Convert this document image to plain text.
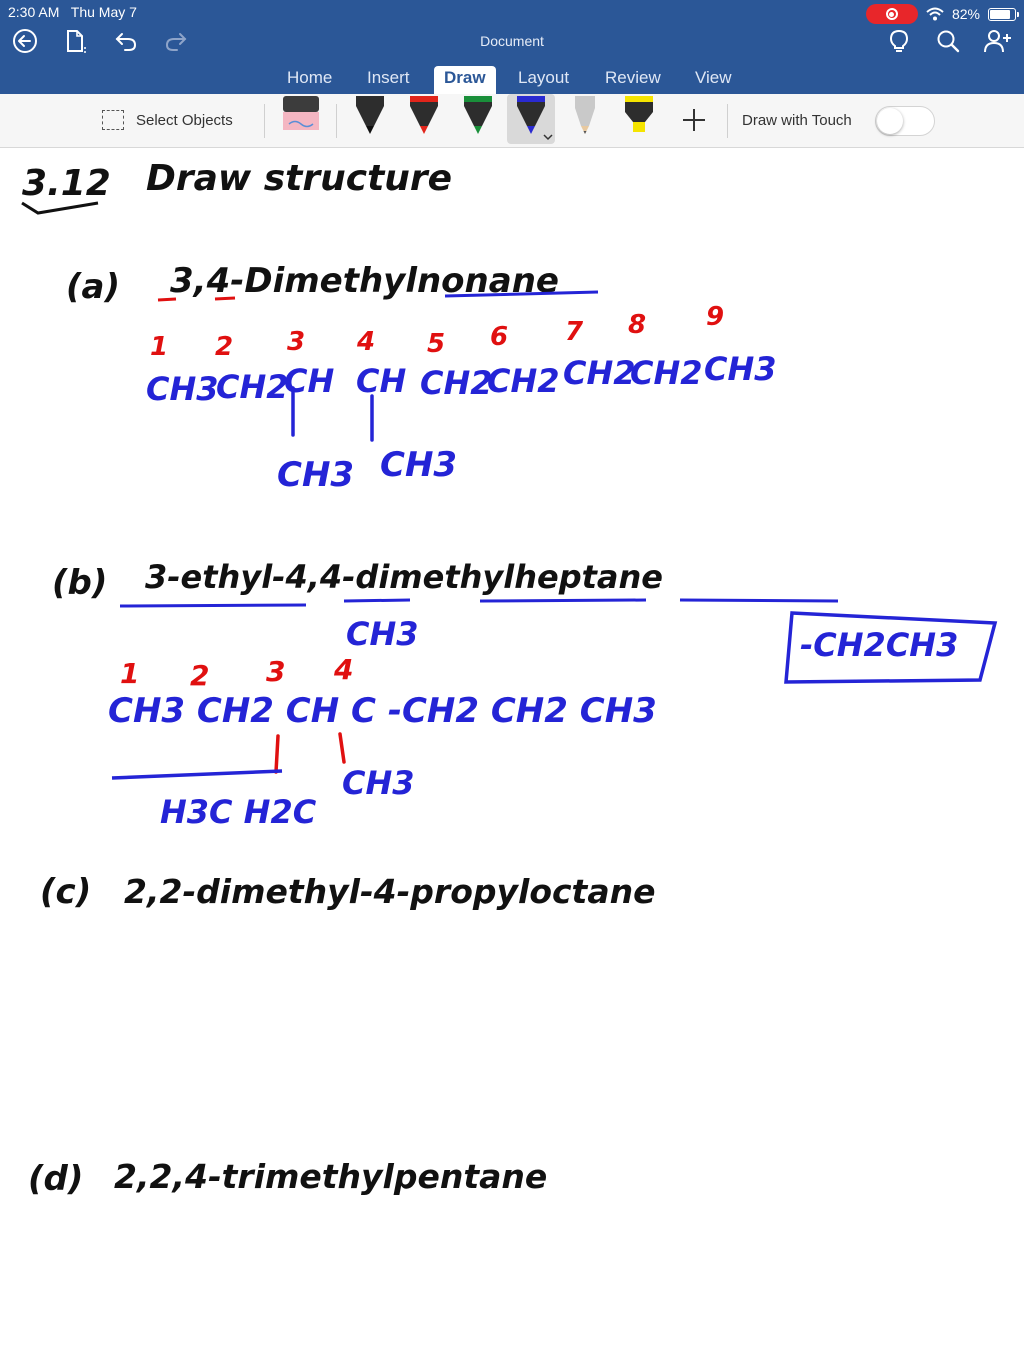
2:30 AM Thu May 7	82%
Document
Home	Insert	Draw	Layout	Review	View
Select Objects	Draw with Touch
3.12 Draw structure
(a) 3,4-Dimethylnonane
1 2 3 4 5 6 7 8 9
CH3
CH2
CH CH CH2
CH2 CH2
CH2 CH3
CH3 CH3
(b) 3-ethyl-4,4-dimethylheptane
-CH2CH3
CH3
1 2 3 4
CH3 CH2 CH C -CH2 CH2 CH3
CH3
H3C H2C
(c) 2,2-dimethyl-4-propyloctane
(d) 2,2,4-trimethylpentane
